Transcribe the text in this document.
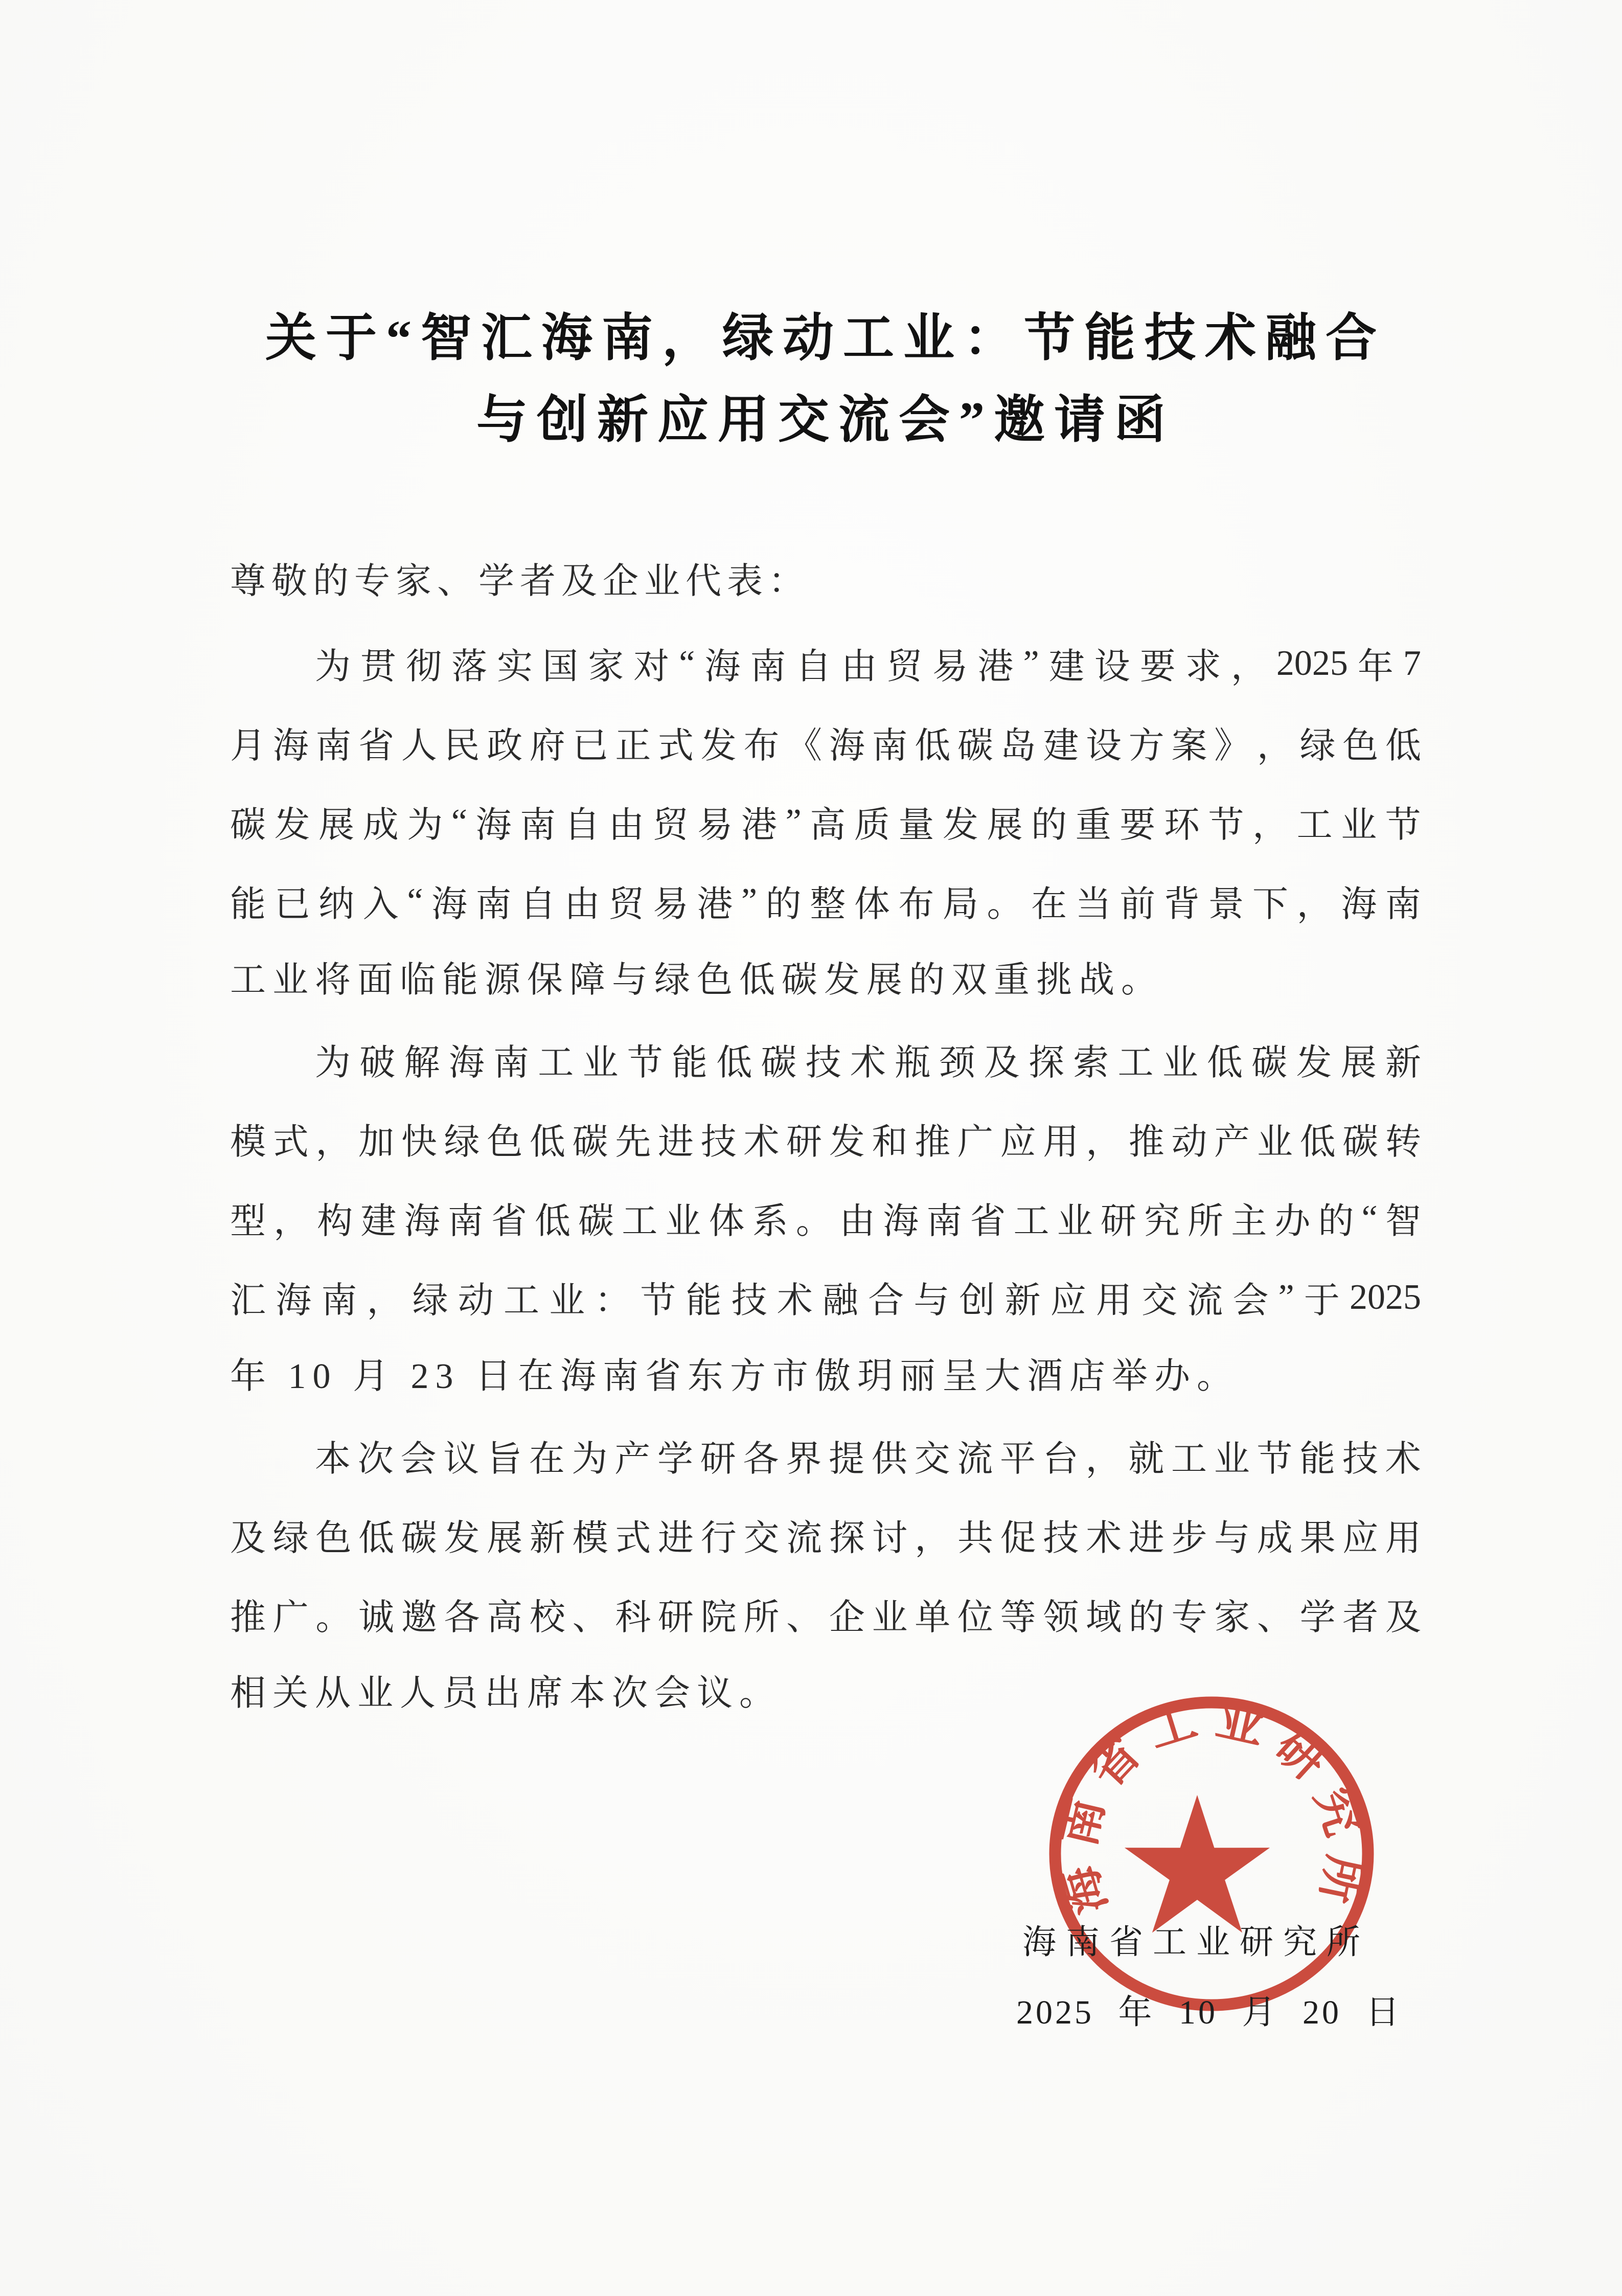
关于“智汇海南，绿动工业：节能技术融合
与创新应用交流会”邀请函
尊敬的专家、学者及企业代表：
为 贯 彻 落 实 国 家 对 “ 海 南 自 由 贸 易 港 ” 建 设 要 求 ， 2025 年 7
月 海 南 省 人 民 政 府 已 正 式 发 布 《 海 南 低 碳 岛 建 设 方 案 》 ， 绿 色 低
碳 发 展 成 为 “ 海 南 自 由 贸 易 港 ” 高 质 量 发 展 的 重 要 环 节 ， 工 业 节
能 已 纳 入 “ 海 南 自 由 贸 易 港 ” 的 整 体 布 局 。 在 当 前 背 景 下 ， 海 南
工业将面临能源保障与绿色低碳发展的双重挑战。
为 破 解 海 南 工 业 节 能 低 碳 技 术 瓶 颈 及 探 索 工 业 低 碳 发 展 新
模 式 ， 加 快 绿 色 低 碳 先 进 技 术 研 发 和 推 广 应 用 ， 推 动 产 业 低 碳 转
型 ， 构 建 海 南 省 低 碳 工 业 体 系 。 由 海 南 省 工 业 研 究 所 主 办 的 “ 智
汇 海 南 ， 绿 动 工 业 ： 节 能 技 术 融 合 与 创 新 应 用 交 流 会 ” 于 2025
年 10 月 23 日在海南省东方市傲玥丽呈大酒店举办。
本 次 会 议 旨 在 为 产 学 研 各 界 提 供 交 流 平 台 ， 就 工 业 节 能 技 术
及 绿 色 低 碳 发 展 新 模 式 进 行 交 流 探 讨 ， 共 促 技 术 进 步 与 成 果 应 用
推 广 。 诚 邀 各 高 校 、 科 研 院 所 、 企 业 单 位 等 领 域 的 专 家 、 学 者 及
相关从业人员出席本次会议。
海南省工业研究所
海南省工业研究所
2025 年 10 月 20 日
